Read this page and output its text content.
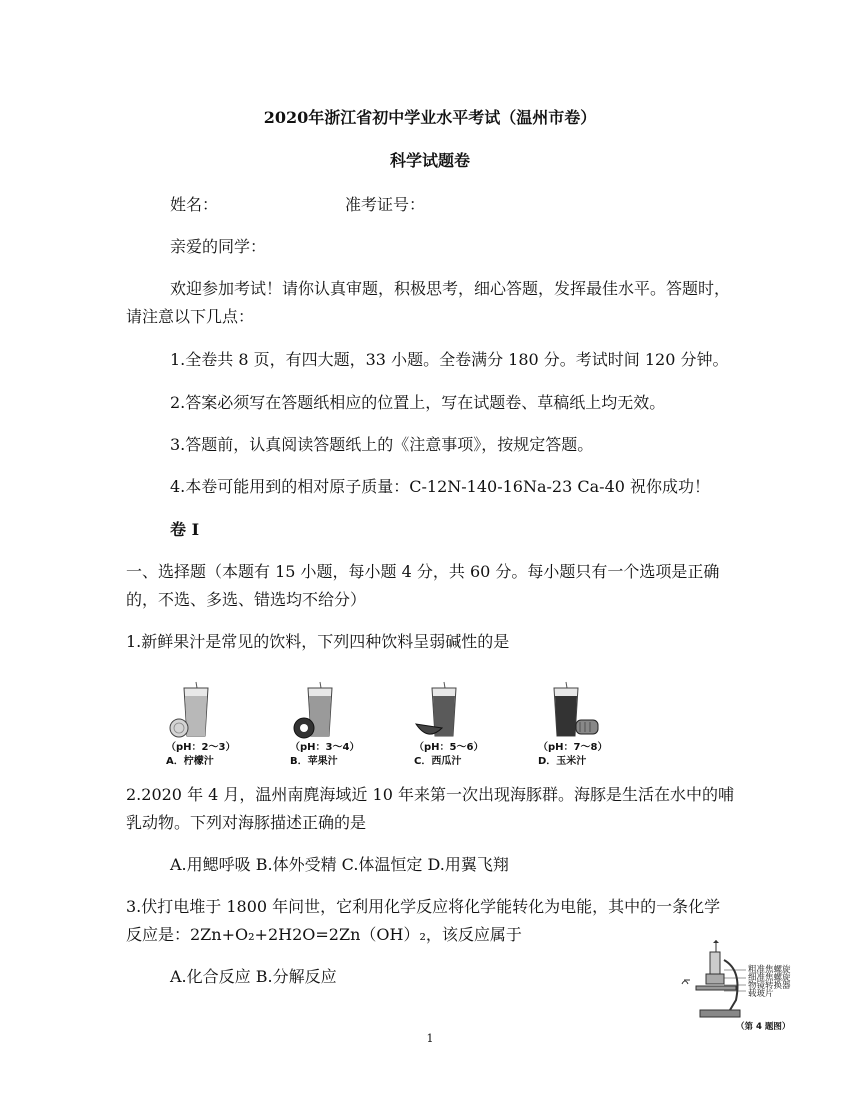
2020年浙江省初中学业水平考试（温州市卷）
科学试题卷
姓名：	准考证号：
亲爱的同学：
欢迎参加考试！请你认真审题，积极思考，细心答题，发挥最佳水平。答题时，
请注意以下几点：
1.全卷共 8 页，有四大题，33 小题。全卷满分 180 分。考试时间 120 分钟。
2.答案必须写在答题纸相应的位置上，写在试题卷、草稿纸上均无效。
3.答题前，认真阅读答题纸上的《注意事项》，按规定答题。
4.本卷可能用到的相对原子质量：C-12N-140-16Na-23 Ca-40 祝你成功！
卷 I
一、选择题（本题有 15 小题，每小题 4 分，共 60 分。每小题只有一个选项是正确
的，不选、多选、错选均不给分）
1.新鲜果汁是常见的饮料，下列四种饮料呈弱碱性的是
（pH：2～3）
A．柠檬汁
（pH：3～4）
B．苹果汁
（pH：5～6）
C．西瓜汁
（pH：7～8）
D．玉米汁
2.2020 年 4 月，温州南麂海域近 10 年来第一次出现海豚群。海豚是生活在水中的哺
乳动物。下列对海豚描述正确的是
A.用鳃呼吸 B.体外受精 C.体温恒定 D.用翼飞翔
3.伏打电堆于 1800 年问世，它利用化学反应将化学能转化为电能，其中的一条化学
反应是：2Zn+O₂+2H2O=2Zn（OH）₂，该反应属于
A.化合反应 B.分解反应	粗准焦螺旋
细准焦螺旋
物镜转换器
载玻片
（第 4 题图）
1
